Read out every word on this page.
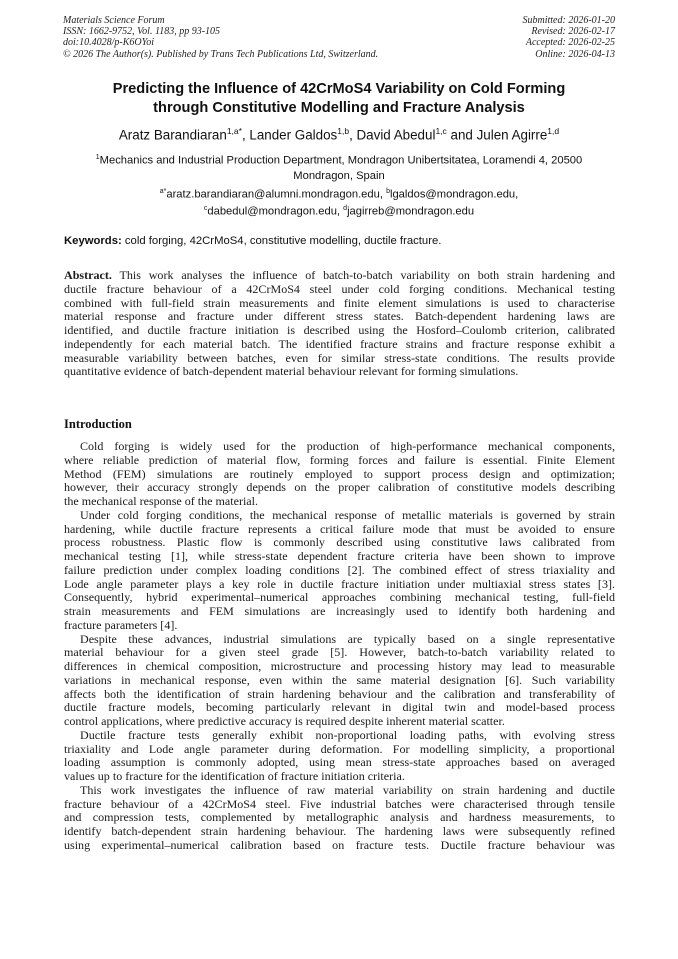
Materials Science Forum
ISSN: 1662-9752, Vol. 1183, pp 93-105
doi:10.4028/p-K6OYoi
© 2026 The Author(s). Published by Trans Tech Publications Ltd, Switzerland.
Submitted: 2026-01-20
Revised: 2026-02-17
Accepted: 2026-02-25
Online: 2026-04-13
Predicting the Influence of 42CrMoS4 Variability on Cold Forming
through Constitutive Modelling and Fracture Analysis
Aratz Barandiaran$^{1,a*}$, Lander Galdos$^{1,b}$, David Abedul$^{1,c}$ and Julen Agirre$^{1,d}$
$^1$Mechanics and Industrial Production Department, Mondragon Unibertsitatea, Loramendi 4, 20500
Mondragon, Spain
$^{a*}$aratz.barandiaran@alumni.mondragon.edu, $^b$lgaldos@mondragon.edu,
$^c$dabedul@mondragon.edu, $^d$jagirreb@mondragon.edu
Keywords: cold forging, 42CrMoS4, constitutive modelling, ductile fracture.
Abstract. This work analyses the influence of batch-to-batch variability on both strain hardening and
ductile fracture behaviour of a 42CrMoS4 steel under cold forging conditions. Mechanical testing
combined with full-field strain measurements and finite element simulations is used to characterise
material response and fracture under different stress states. Batch-dependent hardening laws are
identified, and ductile fracture initiation is described using the Hosford–Coulomb criterion, calibrated
independently for each material batch. The identified fracture strains and fracture response exhibit a
measurable variability between batches, even for similar stress-state conditions. The results provide
quantitative evidence of batch-dependent material behaviour relevant for forming simulations.
Introduction
Cold forging is widely used for the production of high-performance mechanical components,
where reliable prediction of material flow, forming forces and failure is essential. Finite Element
Method (FEM) simulations are routinely employed to support process design and optimization;
however, their accuracy strongly depends on the proper calibration of constitutive models describing
the mechanical response of the material.
Under cold forging conditions, the mechanical response of metallic materials is governed by strain
hardening, while ductile fracture represents a critical failure mode that must be avoided to ensure
process robustness. Plastic flow is commonly described using constitutive laws calibrated from
mechanical testing [1], while stress-state dependent fracture criteria have been shown to improve
failure prediction under complex loading conditions [2]. The combined effect of stress triaxiality and
Lode angle parameter plays a key role in ductile fracture initiation under multiaxial stress states [3].
Consequently, hybrid experimental–numerical approaches combining mechanical testing, full-field
strain measurements and FEM simulations are increasingly used to identify both hardening and
fracture parameters [4].
Despite these advances, industrial simulations are typically based on a single representative
material behaviour for a given steel grade [5]. However, batch-to-batch variability related to
differences in chemical composition, microstructure and processing history may lead to measurable
variations in mechanical response, even within the same material designation [6]. Such variability
affects both the identification of strain hardening behaviour and the calibration and transferability of
ductile fracture models, becoming particularly relevant in digital twin and model-based process
control applications, where predictive accuracy is required despite inherent material scatter.
Ductile fracture tests generally exhibit non-proportional loading paths, with evolving stress
triaxiality and Lode angle parameter during deformation. For modelling simplicity, a proportional
loading assumption is commonly adopted, using mean stress-state approaches based on averaged
values up to fracture for the identification of fracture initiation criteria.
This work investigates the influence of raw material variability on strain hardening and ductile
fracture behaviour of a 42CrMoS4 steel. Five industrial batches were characterised through tensile
and compression tests, complemented by metallographic analysis and hardness measurements, to
identify batch-dependent strain hardening behaviour. The hardening laws were subsequently refined
using experimental–numerical calibration based on fracture tests. Ductile fracture behaviour was
